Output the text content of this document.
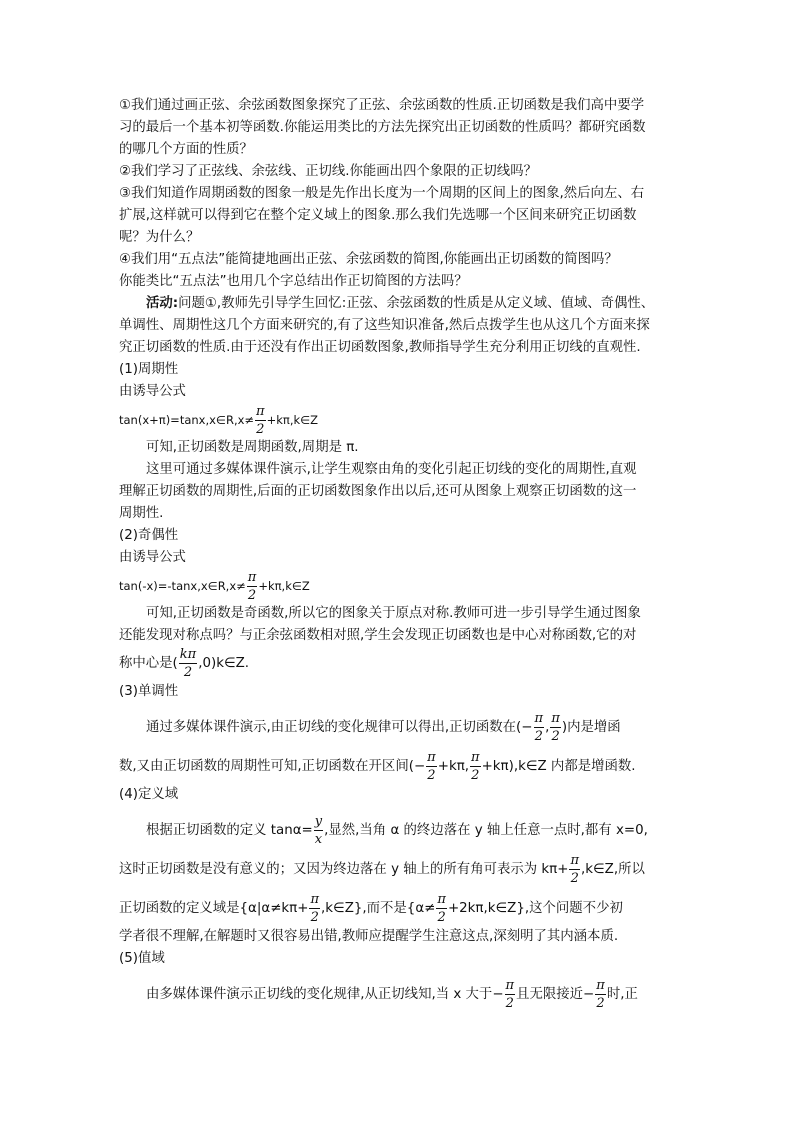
①我们通过画正弦、余弦函数图象探究了正弦、余弦函数的性质.正切函数是我们高中要学
习的最后一个基本初等函数.你能运用类比的方法先探究出正切函数的性质吗？都研究函数
的哪几个方面的性质？
②我们学习了正弦线、余弦线、正切线.你能画出四个象限的正切线吗？
③我们知道作周期函数的图象一般是先作出长度为一个周期的区间上的图象,然后向左、右
扩展,这样就可以得到它在整个定义域上的图象.那么我们先选哪一个区间来研究正切函数
呢？为什么？
④我们用“五点法”能简捷地画出正弦、余弦函数的简图,你能画出正切函数的简图吗？
你能类比“五点法”也用几个字总结出作正切简图的方法吗？
活动:问题①,教师先引导学生回忆:正弦、余弦函数的性质是从定义域、值域、奇偶性、
单调性、周期性这几个方面来研究的,有了这些知识准备,然后点拨学生也从这几个方面来探
究正切函数的性质.由于还没有作出正切函数图象,教师指导学生充分利用正切线的直观性.
(1)周期性
由诱导公式
tan(x+π)=tanx,x∈R,x≠ $\frac{\pi}{2}$ +kπ,k∈Z
可知,正切函数是周期函数,周期是 π.
这里可通过多媒体课件演示,让学生观察由角的变化引起正切线的变化的周期性,直观
理解正切函数的周期性,后面的正切函数图象作出以后,还可从图象上观察正切函数的这一
周期性.
(2)奇偶性
由诱导公式
tan(-x)=-tanx,x∈R,x≠ $\frac{\pi}{2}$ +kπ,k∈Z
可知,正切函数是奇函数,所以它的图象关于原点对称.教师可进一步引导学生通过图象
还能发现对称点吗？与正余弦函数相对照,学生会发现正切函数也是中心对称函数,它的对
称中心是( $\frac{k\pi}{2}$ ,0)k∈Z.
(3)单调性
通过多媒体课件演示,由正切线的变化规律可以得出,正切函数在(− $\frac{\pi}{2}$ , $\frac{\pi}{2}$ )内是增函
数,又由正切函数的周期性可知,正切函数在开区间(− $\frac{\pi}{2} +k\pi$, $\frac{\pi}{2}$ +kπ),k∈Z 内都是增函数.
(4)定义域
根据正切函数的定义 $\tan\alpha= \frac{y}{x}$ ,显然,当角 α 的终边落在 y 轴上任意一点时,都有 x=0,
这时正切函数是没有意义的；又因为终边落在 y 轴上的所有角可表示为 $k\pi+ \frac{\pi}{2}$ ,k∈Z,所以
正切函数的定义域是{$\alpha|\alpha\ne k\pi+ \frac{\pi}{2}$ ,k∈Z},而不是{$\alpha\ne \frac{\pi}{2}$ +2kπ,k∈Z},这个问题不少初
学者很不理解,在解题时又很容易出错,教师应提醒学生注意这点,深刻明了其内涵本质.
(5)值域
由多媒体课件演示正切线的变化规律,从正切线知,当 x 大于− $\frac{\pi}{2}$ 且无限接近− $\frac{\pi}{2}$ 时,正
